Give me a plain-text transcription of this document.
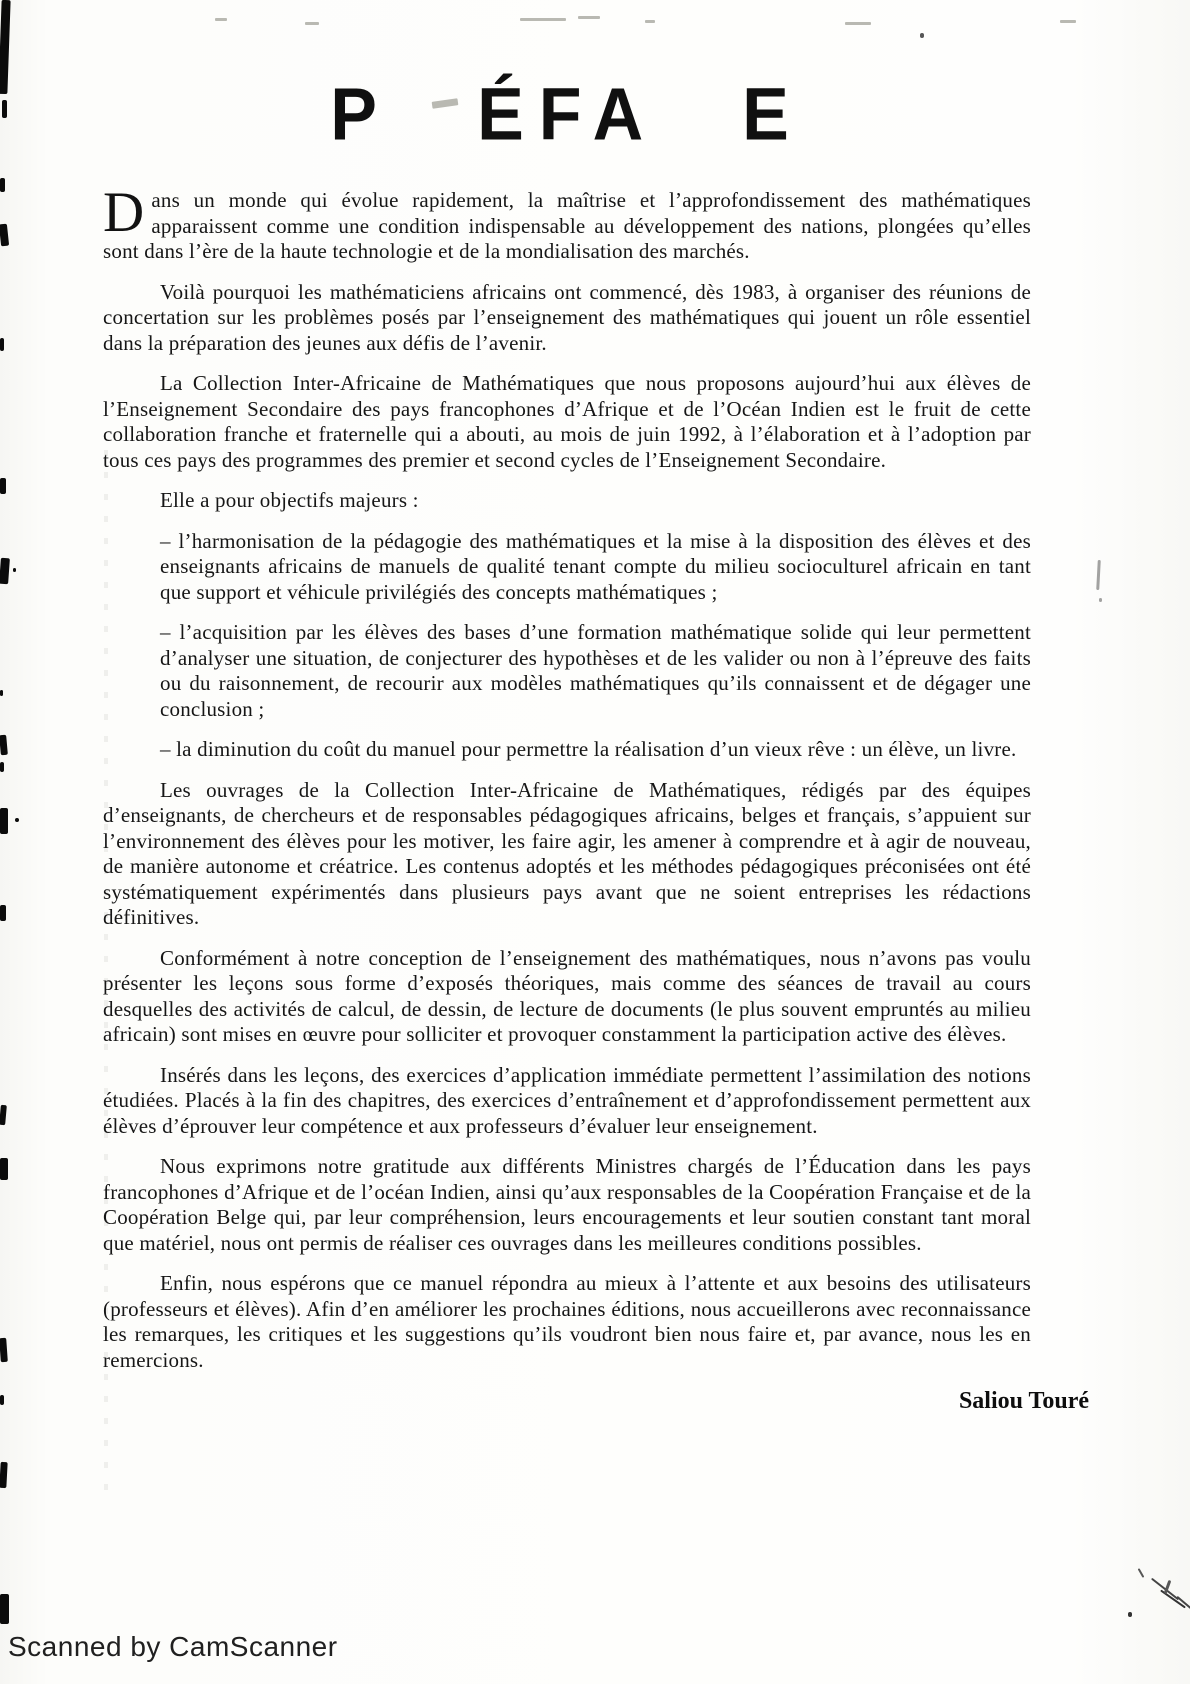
P ÉFA E

Dans un monde qui évolue rapidement, la maîtrise et l’approfondissement des mathématiques apparaissent comme une condition indispensable au développement des nations, plongées qu’elles sont dans l’ère de la haute technologie et de la mondialisation des marchés.

Voilà pourquoi les mathématiciens africains ont commencé, dès 1983, à organiser des réunions de concertation sur les problèmes posés par l’enseignement des mathématiques qui jouent un rôle essentiel dans la préparation des jeunes aux défis de l’avenir.

La Collection Inter-Africaine de Mathématiques que nous proposons aujourd’hui aux élèves de l’Enseignement Secondaire des pays francophones d’Afrique et de l’Océan Indien est le fruit de cette collaboration franche et fraternelle qui a abouti, au mois de juin 1992, à l’élaboration et à l’adoption par tous ces pays des programmes des premier et second cycles de l’Enseignement Secondaire.

Elle a pour objectifs majeurs :

– l’harmonisation de la pédagogie des mathématiques et la mise à la disposition des élèves et des enseignants africains de manuels de qualité tenant compte du milieu socioculturel africain en tant que support et véhicule privilégiés des concepts mathématiques ;

– l’acquisition par les élèves des bases d’une formation mathématique solide qui leur permettent d’analyser une situation, de conjecturer des hypothèses et de les valider ou non à l’épreuve des faits ou du raisonnement, de recourir aux modèles mathématiques qu’ils connaissent et de dégager une conclusion ;

– la diminution du coût du manuel pour permettre la réalisation d’un vieux rêve : un élève, un livre.

Les ouvrages de la Collection Inter-Africaine de Mathématiques, rédigés par des équipes d’enseignants, de chercheurs et de responsables pédagogiques africains, belges et français, s’appuient sur l’environnement des élèves pour les motiver, les faire agir, les amener à comprendre et à agir de nouveau, de manière autonome et créatrice. Les contenus adoptés et les méthodes pédagogiques préconisées ont été systématiquement expérimentés dans plusieurs pays avant que ne soient entreprises les rédactions définitives.

Conformément à notre conception de l’enseignement des mathématiques, nous n’avons pas voulu présenter les leçons sous forme d’exposés théoriques, mais comme des séances de travail au cours desquelles des activités de calcul, de dessin, de lecture de documents (le plus souvent empruntés au milieu africain) sont mises en œuvre pour solliciter et provoquer constamment la participation active des élèves.

Insérés dans les leçons, des exercices d’application immédiate permettent l’assimilation des notions étudiées. Placés à la fin des chapitres, des exercices d’entraînement et d’approfondissement permettent aux élèves d’éprouver leur compétence et aux professeurs d’évaluer leur enseignement.

Nous exprimons notre gratitude aux différents Ministres chargés de l’Éducation dans les pays francophones d’Afrique et de l’océan Indien, ainsi qu’aux responsables de la Coopération Française et de la Coopération Belge qui, par leur compréhension, leurs encouragements et leur soutien constant tant moral que matériel, nous ont permis de réaliser ces ouvrages dans les meilleures conditions possibles.

Enfin, nous espérons que ce manuel répondra au mieux à l’attente et aux besoins des utilisateurs (professeurs et élèves). Afin d’en améliorer les prochaines éditions, nous accueillerons avec reconnaissance les remarques, les critiques et les suggestions qu’ils voudront bien nous faire et, par avance, nous les en remercions.

Saliou Touré
Scanned by CamScanner
